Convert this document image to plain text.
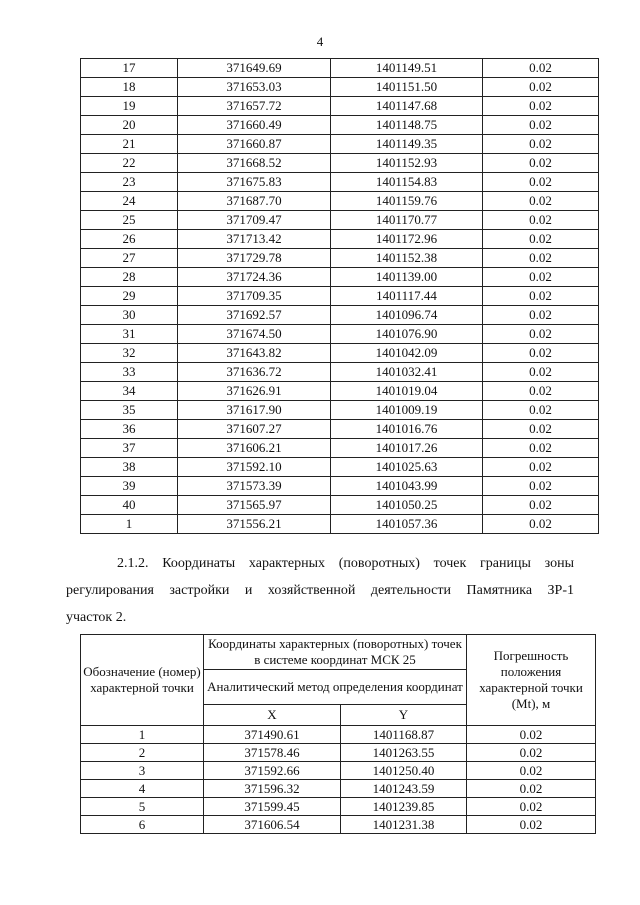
4
17	371649.69	1401149.51	0.02
18	371653.03	1401151.50	0.02
19	371657.72	1401147.68	0.02
20	371660.49	1401148.75	0.02
21	371660.87	1401149.35	0.02
22	371668.52	1401152.93	0.02
23	371675.83	1401154.83	0.02
24	371687.70	1401159.76	0.02
25	371709.47	1401170.77	0.02
26	371713.42	1401172.96	0.02
27	371729.78	1401152.38	0.02
28	371724.36	1401139.00	0.02
29	371709.35	1401117.44	0.02
30	371692.57	1401096.74	0.02
31	371674.50	1401076.90	0.02
32	371643.82	1401042.09	0.02
33	371636.72	1401032.41	0.02
34	371626.91	1401019.04	0.02
35	371617.90	1401009.19	0.02
36	371607.27	1401016.76	0.02
37	371606.21	1401017.26	0.02
38	371592.10	1401025.63	0.02
39	371573.39	1401043.99	0.02
40	371565.97	1401050.25	0.02
1	371556.21	1401057.36	0.02
2.1.2. Координаты характерных (поворотных) точек границы зоны
регулирования застройки и хозяйственной деятельности Памятника ЗР-1
участок 2.
Обозначение (номер) характерной точки	Координаты характерных (поворотных) точек в системе координат МСК 25		Погрешность положения характерной точки (Mt), м
	Аналитический метод определения координат		
	X	Y	
1	371490.61	1401168.87	0.02
2	371578.46	1401263.55	0.02
3	371592.66	1401250.40	0.02
4	371596.32	1401243.59	0.02
5	371599.45	1401239.85	0.02
6	371606.54	1401231.38	0.02
